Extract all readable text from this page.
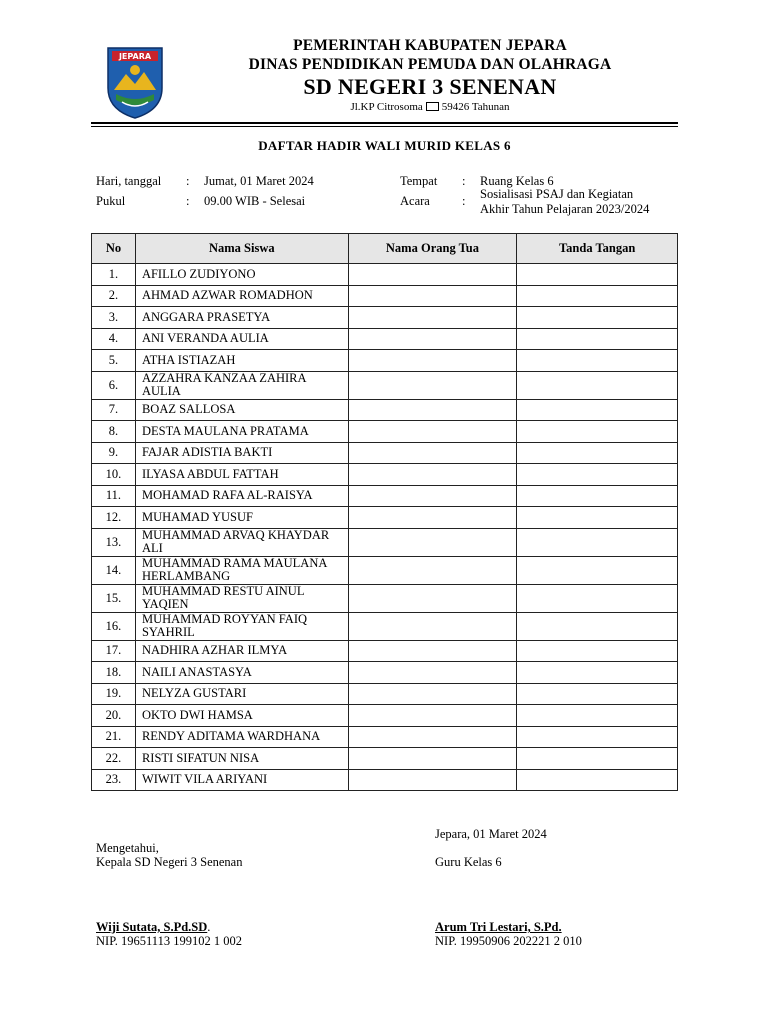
JEPARA
PEMERINTAH KABUPATEN JEPARA
DINAS PENDIDIKAN PEMUDA DAN OLAHRAGA
SD NEGERI 3 SENENAN
Jl.KP Citrosoma 59426 Tahunan
DAFTAR HADIR WALI MURID KELAS 6
Hari, tanggal : Jumat, 01 Maret 2024
Pukul	: 09.00 WIB - Selesai
Tempat : Ruang Kelas 6
Acara	: Sosialisasi PSAJ dan Kegiatan
Akhir Tahun Pelajaran 2023/2024
No	Nama Siswa	Nama Orang Tua	Tanda Tangan
1.	AFILLO ZUDIYONO		
2.	AHMAD AZWAR ROMADHON		
3.	ANGGARA PRASETYA		
4.	ANI VERANDA AULIA		
5.	ATHA ISTIAZAH		
6.	AZZAHRA KANZAA ZAHIRA AULIA		
7.	BOAZ SALLOSA		
8.	DESTA MAULANA PRATAMA		
9.	FAJAR ADISTIA BAKTI		
10.	ILYASA ABDUL FATTAH		
11.	MOHAMAD RAFA AL-RAISYA		
12.	MUHAMAD YUSUF		
13.	MUHAMMAD ARVAQ KHAYDAR ALI		
14.	MUHAMMAD RAMA MAULANA HERLAMBANG		
15.	MUHAMMAD RESTU AINUL YAQIEN		
16.	MUHAMMAD ROYYAN FAIQ SYAHRIL		
17.	NADHIRA AZHAR ILMYA		
18.	NAILI ANASTASYA		
19.	NELYZA GUSTARI		
20.	OKTO DWI HAMSA		
21.	RENDY ADITAMA WARDHANA		
22.	RISTI SIFATUN NISA		
23.	WIWIT VILA ARIYANI		
Jepara, 01 Maret 2024
Mengetahui,
Kepala SD Negeri 3 Senenan	Guru Kelas 6
Wiji Sutata, S.Pd.SD.
NIP. 19651113 199102 1 002
Arum Tri Lestari, S.Pd.
NIP. 19950906 202221 2 010
